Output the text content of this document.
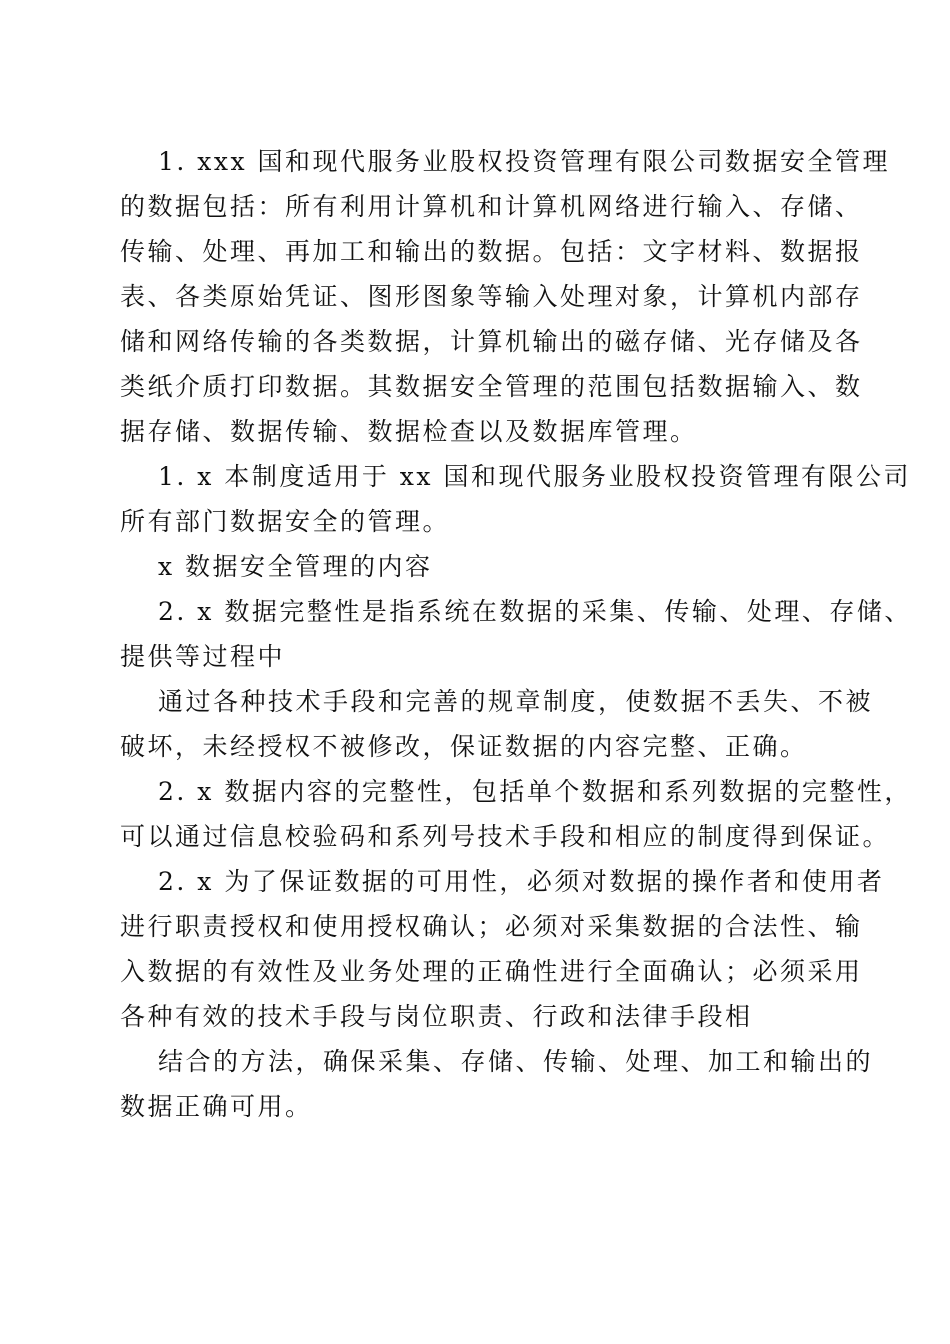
1. xxx 国和现代服务业股权投资管理有限公司数据安全管理
的数据包括：所有利用计算机和计算机网络进行输入、存储、
传输、处理、再加工和输出的数据。包括：文字材料、数据报
表、各类原始凭证、图形图象等输入处理对象，计算机内部存
储和网络传输的各类数据，计算机输出的磁存储、光存储及各
类纸介质打印数据。其数据安全管理的范围包括数据输入、数
据存储、数据传输、数据检查以及数据库管理。
1. x 本制度适用于 xx 国和现代服务业股权投资管理有限公司
所有部门数据安全的管理。
x 数据安全管理的内容
2. x 数据完整性是指系统在数据的采集、传输、处理、存储、
提供等过程中
通过各种技术手段和完善的规章制度，使数据不丢失、不被
破坏，未经授权不被修改，保证数据的内容完整、正确。
2. x 数据内容的完整性，包括单个数据和系列数据的完整性，
可以通过信息校验码和系列号技术手段和相应的制度得到保证。
2. x 为了保证数据的可用性，必须对数据的操作者和使用者
进行职责授权和使用授权确认；必须对采集数据的合法性、输
入数据的有效性及业务处理的正确性进行全面确认；必须采用
各种有效的技术手段与岗位职责、行政和法律手段相
结合的方法，确保采集、存储、传输、处理、加工和输出的
数据正确可用。
